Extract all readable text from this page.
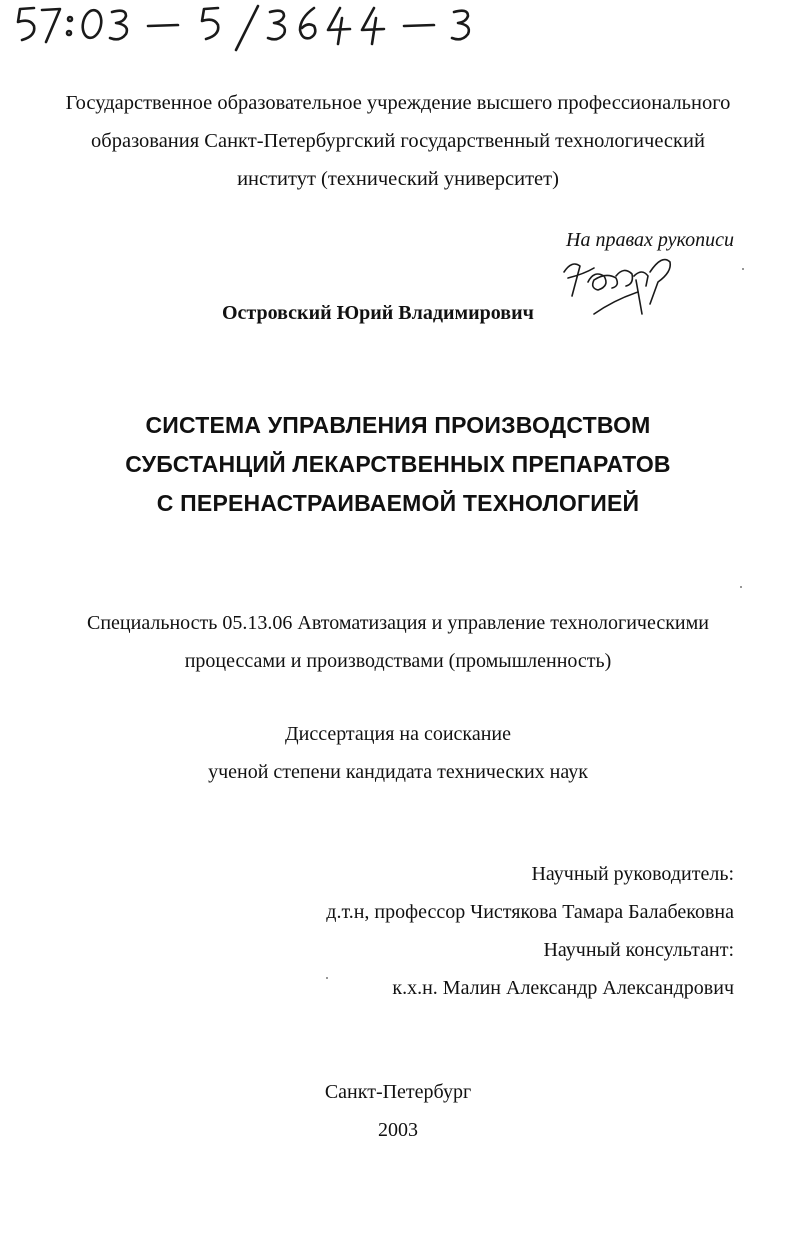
Государственное образовательное учреждение высшего профессионального
образования Санкт-Петербургский государственный технологический
институт (технический университет)
На правах рукописи
Островский Юрий Владимирович
СИСТЕМА УПРАВЛЕНИЯ ПРОИЗВОДСТВОМ
СУБСТАНЦИЙ ЛЕКАРСТВЕННЫХ ПРЕПАРАТОВ
С ПЕРЕНАСТРАИВАЕМОЙ ТЕХНОЛОГИЕЙ
Специальность 05.13.06 Автоматизация и управление технологическими
процессами и производствами (промышленность)
Диссертация на соискание
ученой степени кандидата технических наук
Научный руководитель:
д.т.н, профессор Чистякова Тамара Балабековна
Научный консультант:
к.х.н. Малин Александр Александрович
Санкт-Петербург
2003
